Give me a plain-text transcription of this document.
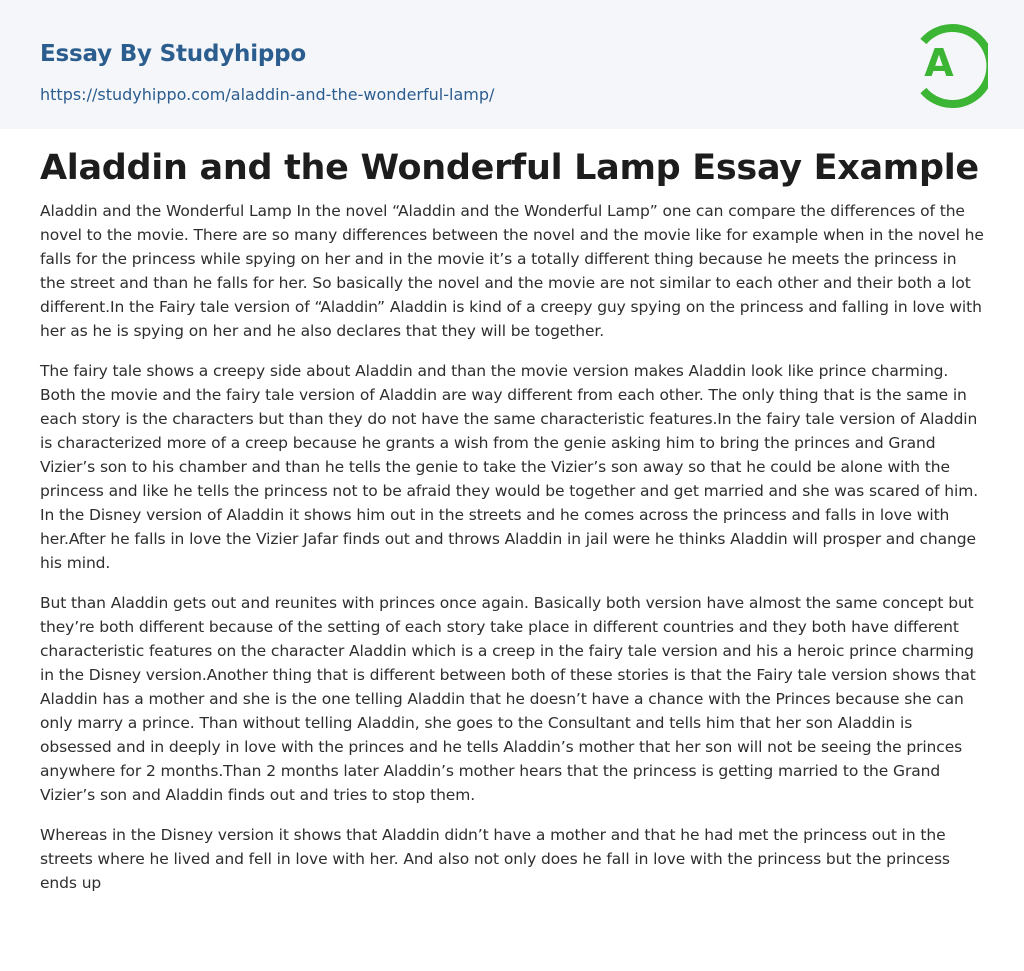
Essay By Studyhippo
https://studyhippo.com/aladdin-and-the-wonderful-lamp/
A
Aladdin and the Wonderful Lamp Essay Example

Aladdin and the Wonderful Lamp In the novel “Aladdin and the Wonderful Lamp” one can compare the differences of the novel to the movie. There are so many differences between the novel and the movie like for example when in the novel he falls for the princess while spying on her and in the movie it’s a totally different thing because he meets the princess in the street and than he falls for her. So basically the novel and the movie are not similar to each other and their both a lot different.In the Fairy tale version of “Aladdin” Aladdin is kind of a creepy guy spying on the princess and falling in love with her as he is spying on her and he also declares that they will be together.

The fairy tale shows a creepy side about Aladdin and than the movie version makes Aladdin look like prince charming. Both the movie and the fairy tale version of Aladdin are way different from each other. The only thing that is the same in each story is the characters but than they do not have the same characteristic features.In the fairy tale version of Aladdin is characterized more of a creep because he grants a wish from the genie asking him to bring the princes and Grand Vizier’s son to his chamber and than he tells the genie to take the Vizier’s son away so that he could be alone with the princess and like he tells the princess not to be afraid they would be together and get married and she was scared of him. In the Disney version of Aladdin it shows him out in the streets and he comes across the princess and falls in love with her.After he falls in love the Vizier Jafar finds out and throws Aladdin in jail were he thinks Aladdin will prosper and change his mind.

But than Aladdin gets out and reunites with princes once again. Basically both version have almost the same concept but they’re both different because of the setting of each story take place in different countries and they both have different characteristic features on the character Aladdin which is a creep in the fairy tale version and his a heroic prince charming in the Disney version.Another thing that is different between both of these stories is that the Fairy tale version shows that Aladdin has a mother and she is the one telling Aladdin that he doesn’t have a chance with the Princes because she can only marry a prince. Than without telling Aladdin, she goes to the Consultant and tells him that her son Aladdin is obsessed and in deeply in love with the princes and he tells Aladdin’s mother that her son will not be seeing the princes anywhere for 2 months.Than 2 months later Aladdin’s mother hears that the princess is getting married to the Grand Vizier’s son and Aladdin finds out and tries to stop them.

Whereas in the Disney version it shows that Aladdin didn’t have a mother and that he had met the princess out in the streets where he lived and fell in love with her. And also not only does he fall in love with the princess but the princess ends up
